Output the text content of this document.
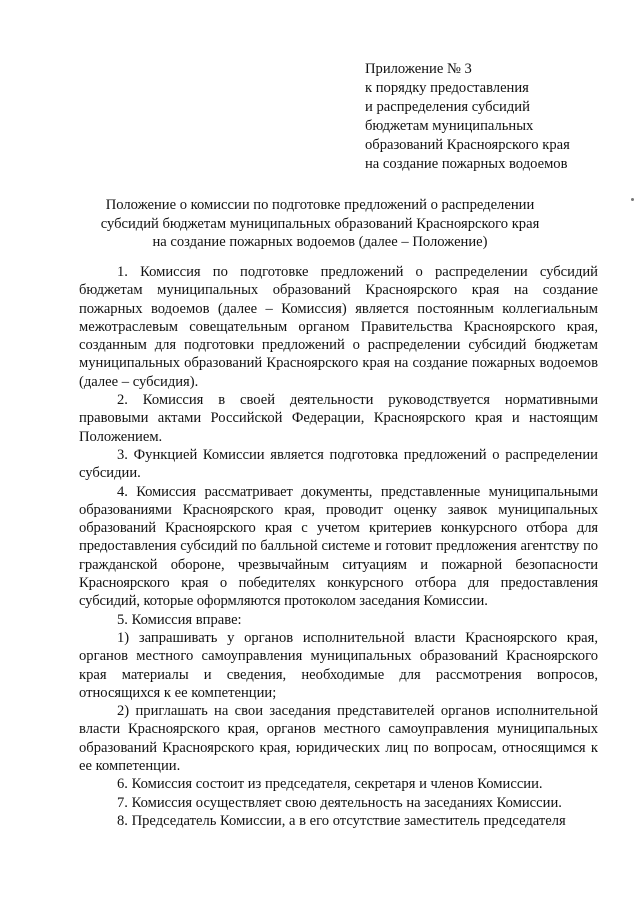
Приложение № 3
к порядку предоставления
и распределения субсидий
бюджетам муниципальных
образований Красноярского края
на создание пожарных водоемов
Положение о комиссии по подготовке предложений о распределении
субсидий бюджетам муниципальных образований Красноярского края
на создание пожарных водоемов (далее – Положение)

1. Комиссия по подготовке предложений о распределении субсидий бюджетам муниципальных образований Красноярского края на создание пожарных водоемов (далее – Комиссия) является постоянным коллегиальным межотраслевым совещательным органом Правительства Красноярского края, созданным для подготовки предложений о распределении субсидий бюджетам муниципальных образований Красноярского края на создание пожарных водоемов (далее – субсидия).

2. Комиссия в своей деятельности руководствуется нормативными правовыми актами Российской Федерации, Красноярского края и настоящим Положением.

3. Функцией Комиссии является подготовка предложений о распределении субсидии.

4. Комиссия рассматривает документы, представленные муниципальными образованиями Красноярского края, проводит оценку заявок муниципальных образований Красноярского края с учетом критериев конкурсного отбора для предоставления субсидий по балльной системе и готовит предложения агентству по гражданской обороне, чрезвычайным ситуациям и пожарной безопасности Красноярского края о победителях конкурсного отбора для предоставления субсидий, которые оформляются протоколом заседания Комиссии.

5. Комиссия вправе:

1) запрашивать у органов исполнительной власти Красноярского края, органов местного самоуправления муниципальных образований Красноярского края материалы и сведения, необходимые для рассмотрения вопросов, относящихся к ее компетенции;

2) приглашать на свои заседания представителей органов исполнительной власти Красноярского края, органов местного самоуправления муниципальных образований Красноярского края, юридических лиц по вопросам, относящимся к ее компетенции.

6. Комиссия состоит из председателя, секретаря и членов Комиссии.

7. Комиссия осуществляет свою деятельность на заседаниях Комиссии.

8. Председатель Комиссии, а в его отсутствие заместитель председателя
